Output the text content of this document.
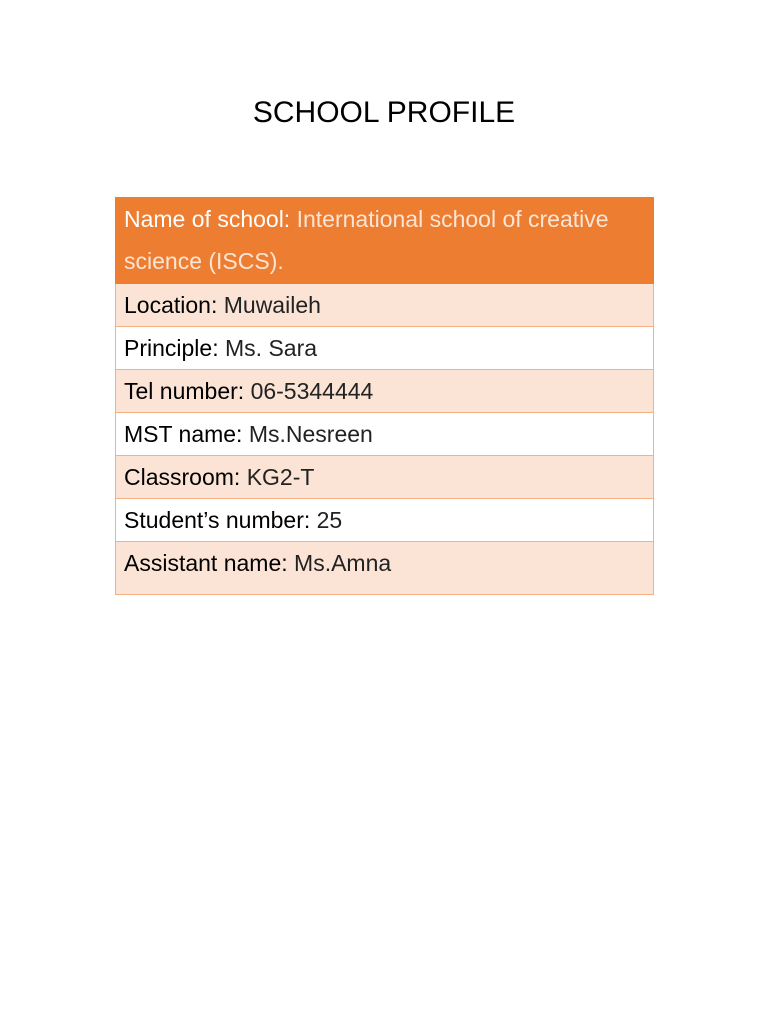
SCHOOL PROFILE
Name of school: International school of creative science (ISCS).
Location: Muwaileh
Principle: Ms. Sara
Tel number: 06-5344444
MST name: Ms.Nesreen
Classroom: KG2-T
Student’s number: 25
Assistant name: Ms.Amna
